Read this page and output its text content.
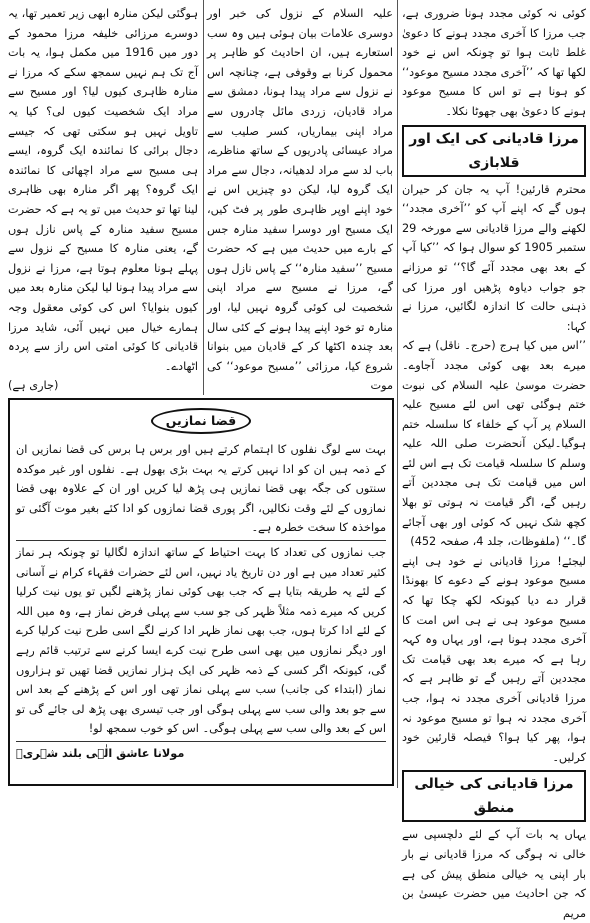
کوئی نہ کوئی مجدد ہونا ضروری ہے، جب مرزا کا آخری مجدد ہونے کا دعویٰ غلط ثابت ہوا تو چونکہ اس نے خود لکھا تھا کہ ’’آخری مجدد مسیح موعود‘‘ کو ہونا ہے تو اس کا مسیح موعود ہونے کا دعویٰ بھی جھوٹا نکلا۔

مرزا قادیانی کی ایک اور قلابازی

محترم قارئین! آپ یہ جان کر حیران ہوں گے کہ اپنے آپ کو ’’آخری مجدد‘‘ لکھنے والے مرزا قادیانی سے مورخہ 29 ستمبر 1905 کو سوال ہوا کہ ’’کیا آپ کے بعد بھی مجدد آئے گا؟‘‘ تو مرزانے جو جواب دیاوہ پڑھیں اور مرزا کی ذہنی حالت کا اندازہ لگائیں، مرزا نے کہا:

’’اس میں کیا ہرج (حرج۔ ناقل) ہے کہ میرے بعد بھی کوئی مجدد آجاوے۔ حضرت موسیٰ علیہ السلام کی نبوت ختم ہوگئی تھی اس لئے مسیح علیہ السلام پر آپ کے خلفاء کا سلسلہ ختم ہوگیا۔لیکن آنحضرت صلی اللہ علیہ وسلم کا سلسلہ قیامت تک ہے اس لئے اس میں قیامت تک ہی مجددین آتے رہیں گے، اگر قیامت نہ ہوتی تو بھلا کچھ شک نہیں کہ کوئی اور بھی آجائے گا۔‘‘ (ملفوظات، جلد 4، صفحہ 452)

لیجئے! مرزا قادیانی نے خود ہی اپنے مسیح موعود ہونے کے دعوے کا بھونڈا قرار دے دیا کیونکہ لکھ چکا تھا کہ مسیح موعود ہی نے ہی اس امت کا آخری مجدد ہونا ہے، اور یہاں وہ کہہ رہا ہے کہ میرے بعد بھی قیامت تک مجددین آتے رہیں گے تو ظاہر ہے کہ مرزا قادیانی آخری مجدد نہ ہوا، جب آخری مجدد نہ ہوا تو مسیح موعود نہ ہوا، پھر کیا ہوا؟ فیصلہ قارئین خود کرلیں۔

مرزا قادیانی کی خیالی منطق

یہاں یہ بات آپ کے لئے دلچسپی سے خالی نہ ہوگی کہ مرزا قادیانی نے بار بار اپنی یہ خیالی منطق پیش کی ہے کہ جن احادیث میں حضرت عیسیٰ بن مریم

علیہ السلام کے نزول کی خبر اور دوسری علامات بیان ہوئی ہیں وہ سب استعارے ہیں، ان احادیث کو ظاہر پر محمول کرنا بے وقوفی ہے، چنانچہ اس نے نزول سے مراد پیدا ہونا، دمشق سے مراد قادیان، زردی مائل چادروں سے مراد اپنی بیماریاں، کسر صلیب سے مراد عیسائی پادریوں کے ساتھ مناظرے، باب لد سے مراد لدھیانہ، دجال سے مراد ایک گروہ لیا، لیکن دو چیزیں اس نے خود اپنے اوپر ظاہری طور پر فٹ کیں، ایک مسیح اور دوسرا سفید منارہ جس کے بارے میں حدیث میں ہے کہ حضرت مسیح ’’سفید منارہ‘‘ کے پاس نازل ہوں گے، مرزا نے مسیح سے مراد اپنی شخصیت لی کوئی گروہ نہیں لیا، اور منارہ تو خود اپنے پیدا ہونے کے کئی سال بعد چندہ اکٹھا کر کے قادیان میں بنوانا شروع کیا، مرزائی ’’مسیح موعود‘‘ کی موت

ہوگئی لیکن منارہ ابھی زیر تعمیر تھا، یہ دوسرے مرزائی خلیفہ مرزا محمود کے دور میں 1916 میں مکمل ہوا، یہ بات آج تک ہم نہیں سمجھ سکے کہ مرزا نے منارہ ظاہری کیوں لیا؟ اور مسیح سے مراد ایک شخصیت کیوں لی؟ کیا یہ تاویل نہیں ہو سکتی تھی کہ جیسے دجال برائی کا نمائندہ ایک گروہ، ایسے ہی مسیح سے مراد اچھائی کا نمائندہ ایک گروہ؟ پھر اگر منارہ بھی ظاہری لینا تھا تو حدیث میں تو یہ ہے کہ حضرت مسیح سفید منارہ کے پاس نازل ہوں گے، یعنی منارہ کا مسیح کے نزول سے پہلے ہونا معلوم ہوتا ہے، مرزا نے نزول سے مراد پیدا ہونا لیا لیکن منارہ بعد میں کیوں بنوایا؟ اس کی کوئی معقول وجہ ہمارے خیال میں نہیں آئی، شاید مرزا قادیانی کا کوئی امتی اس راز سے پردہ اٹھادے۔

(جاری ہے)

قضا نمازیں

بہت سے لوگ نفلوں کا اہتمام کرتے ہیں اور برس ہا برس کی قضا نمازیں ان کے ذمہ ہیں ان کو ادا نہیں کرتے یہ بہت بڑی بھول ہے۔ نفلوں اور غیر موکدہ سنتوں کی جگہ بھی قضا نمازیں ہی پڑھ لیا کریں اور ان کے علاوہ بھی قضا نمازوں کے لئے وقت نکالیں، اگر پوری قضا نمازوں کو ادا کئے بغیر موت آگئی تو مواخذہ کا سخت خطرہ ہے۔

جب نمازوں کی تعداد کا بہت احتیاط کے ساتھ اندازہ لگالیا تو چونکہ ہر نماز کثیر تعداد میں ہے اور دن تاریخ یاد نہیں، اس لئے حضرات فقہاء کرام نے آسانی کے لئے یہ طریقہ بتایا ہے کہ جب بھی کوئی نماز پڑھنے لگیں تو یوں نیت کرلیا کریں کہ میرے ذمہ مثلاً ظہر کی جو سب سے پہلی فرض نماز ہے، وہ میں اللہ کے لئے ادا کرتا ہوں، جب بھی نماز ظہر ادا کرنے لگے اسی طرح نیت کرلیا کرے اور دیگر نمازوں میں بھی اسی طرح نیت کرے ایسا کرنے سے ترتیب قائم رہے گی، کیونکہ اگر کسی کے ذمہ ظہر کی ایک ہزار نمازیں قضا تھیں تو ہزاروں نماز (ابتداء کی جانب) سب سے پہلی نماز تھی اور اس کے پڑھنے کے بعد اس سے جو بعد والی سب سے پہلی ہوگی اور جب تیسری بھی پڑھ لی جائے گی تو اس کے بعد والی سب سے پہلی ہوگی۔ اس کو خوب سمجھ لو!

مولانا عاشق الٰہی بلند شہریؒ
